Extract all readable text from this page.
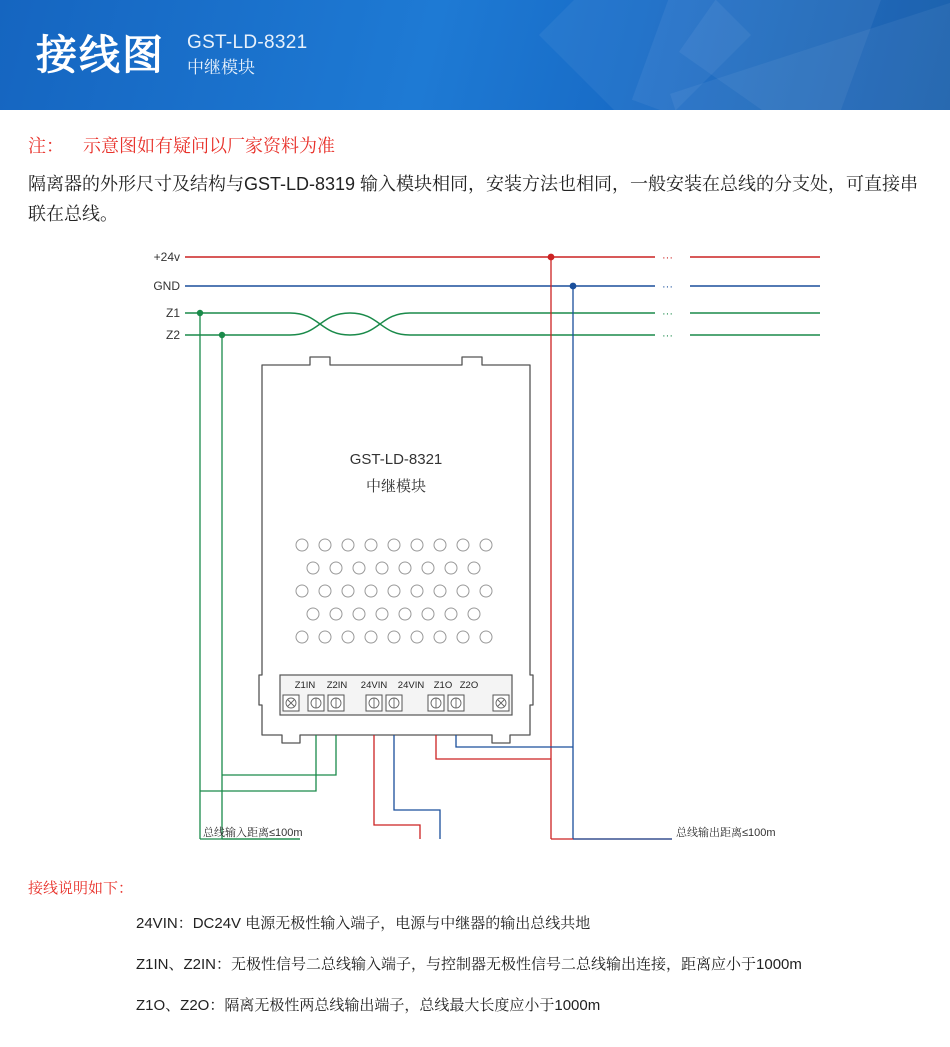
接线图 GST-LD-8321
中继模块
注： 示意图如有疑问以厂家资料为准
隔离器的外形尺寸及结构与GST-LD-8319 输入模块相同，安装方法也相同，一般安装在总线的分支处，可直接串联在总线。
···
···
···
···
+24v
GND
Z1
Z2
GST-LD-8321
中继模块
Z1IN Z2IN 24VIN 24VIN Z1O Z2O
总线输入距离≤100m	总线输出距离≤100m
接线说明如下：
24VIN：DC24V 电源无极性输入端子，电源与中继器的输出总线共地
Z1IN、Z2IN：无极性信号二总线输入端子，与控制器无极性信号二总线输出连接，距离应小于1000m
Z1O、Z2O：隔离无极性两总线输出端子，总线最大长度应小于1000m
